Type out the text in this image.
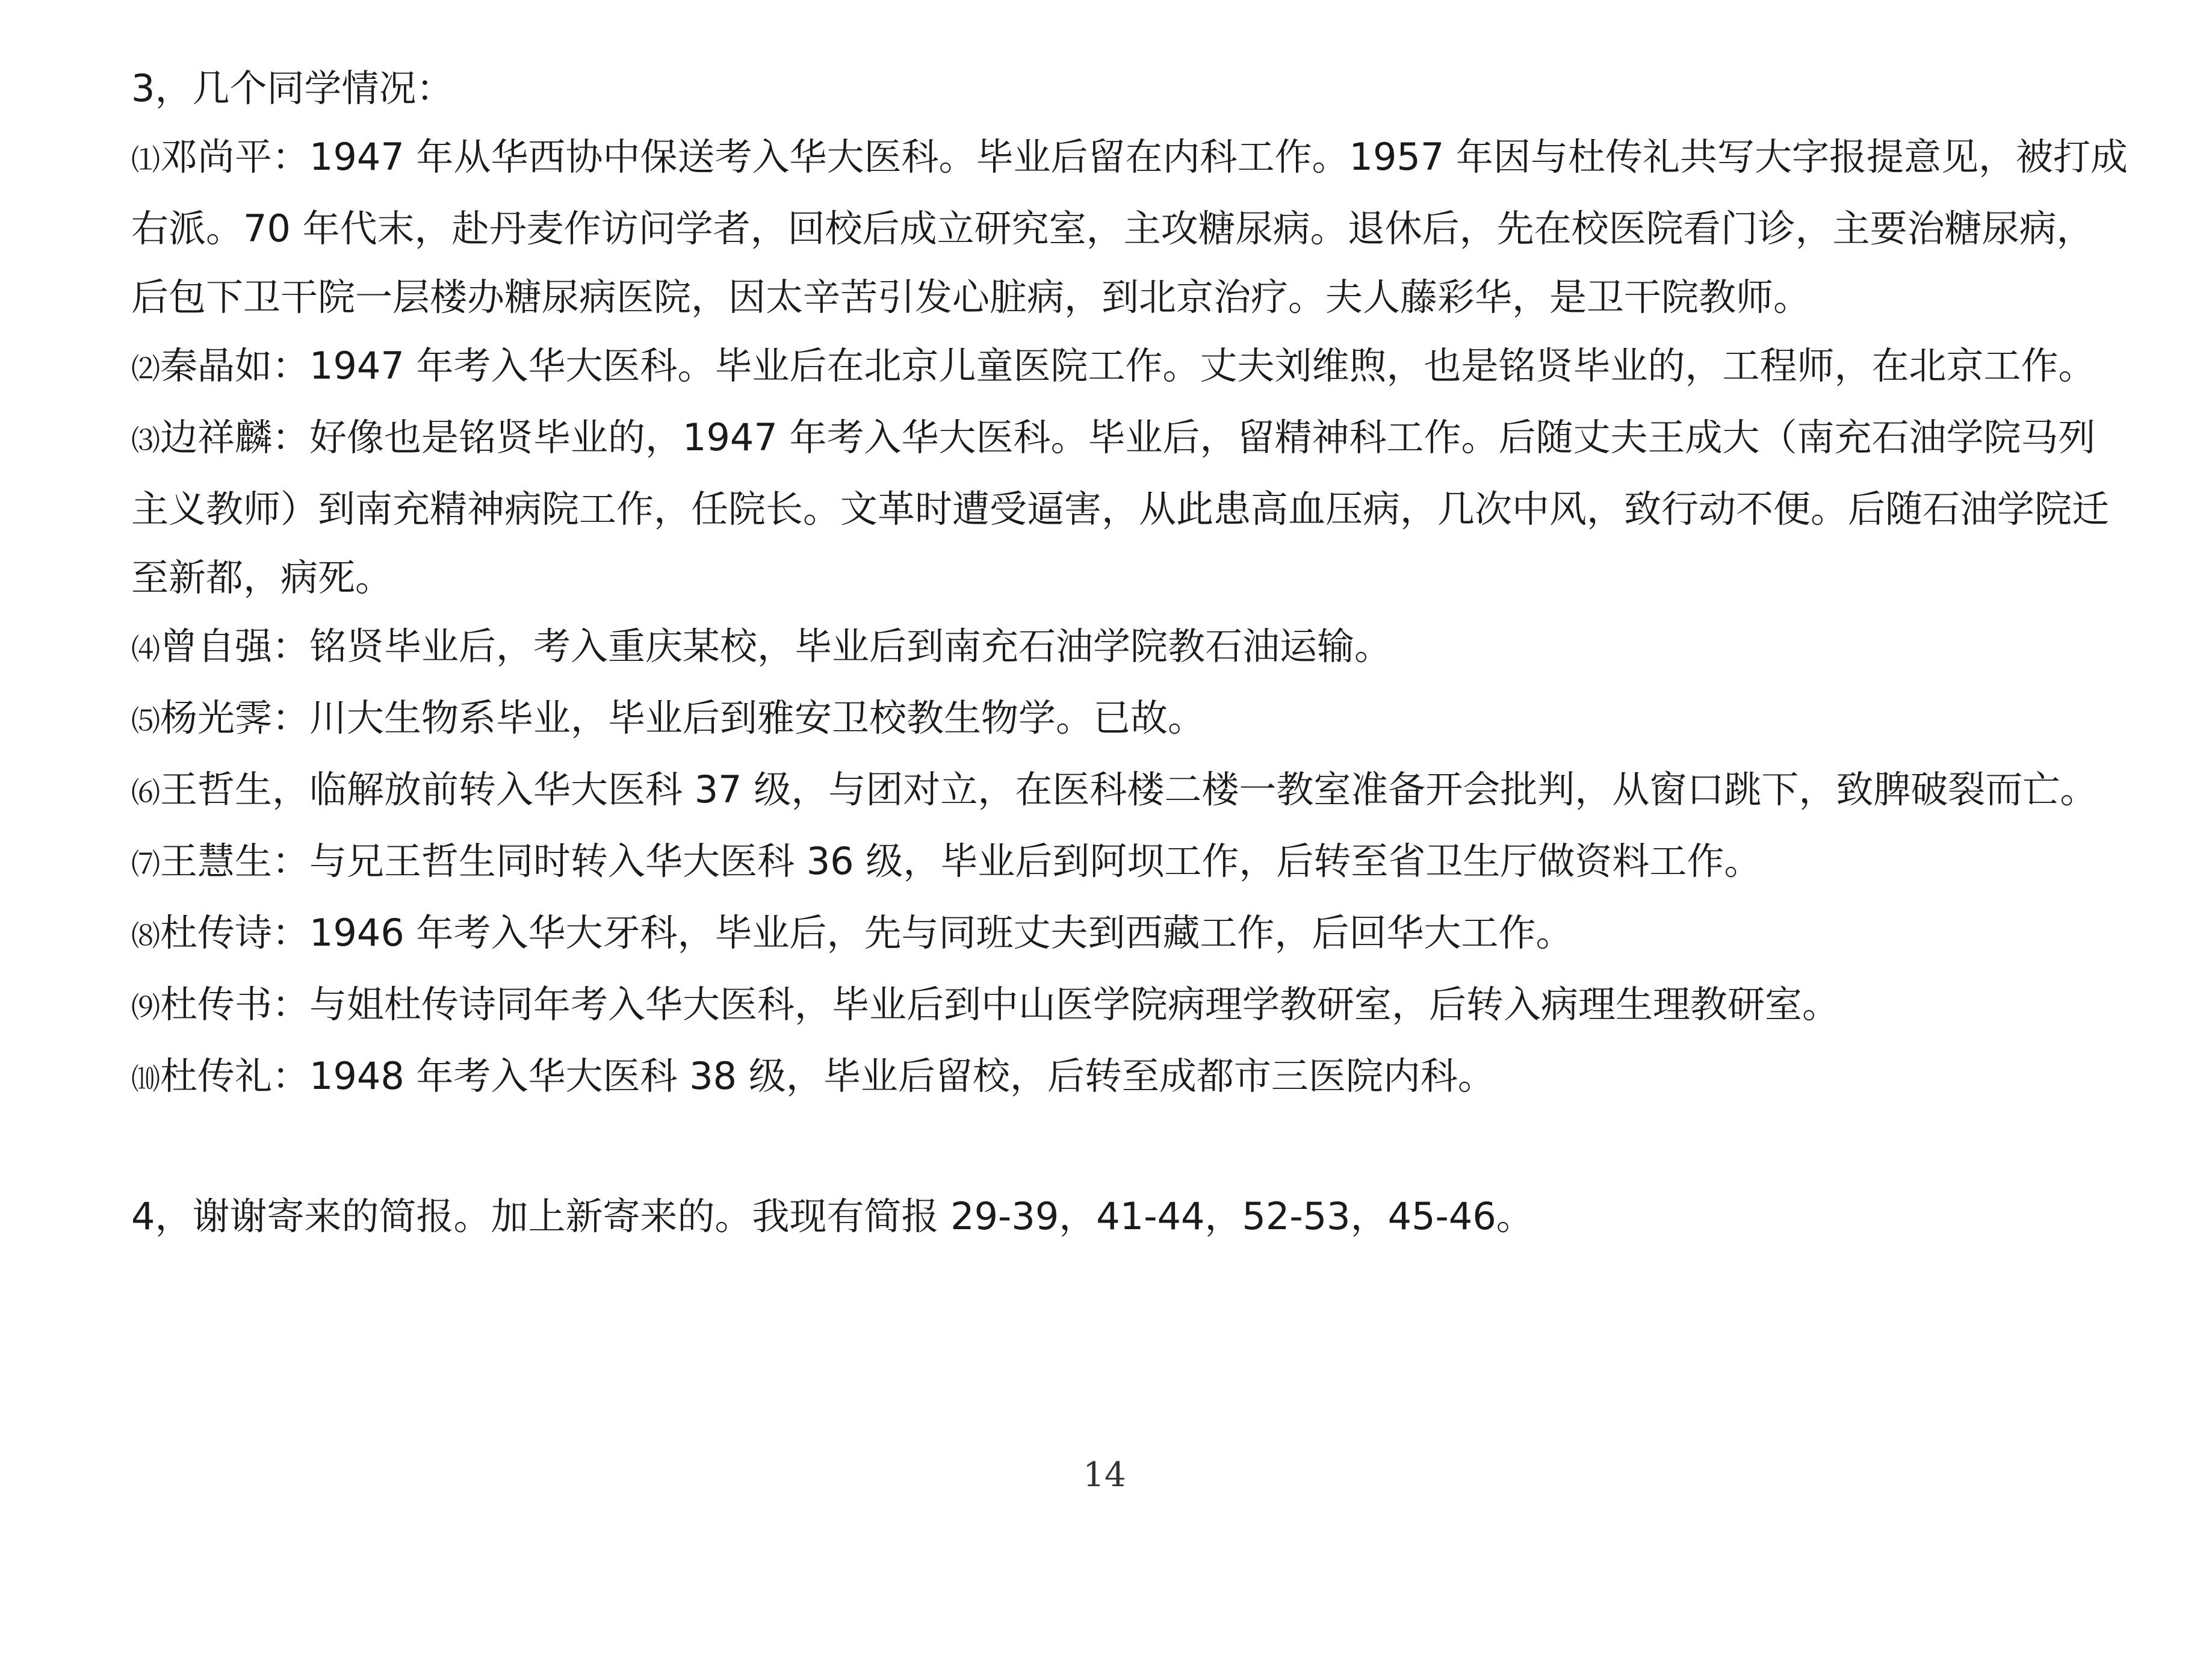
3，几个同学情况：

⑴邓尚平：1947 年从华西协中保送考入华大医科。毕业后留在内科工作。1957 年因与杜传礼共写大字报提意见，被打成右派。70 年代末，赴丹麦作访问学者，回校后成立研究室，主攻糖尿病。退休后，先在校医院看门诊，主要治糖尿病，后包下卫干院一层楼办糖尿病医院，因太辛苦引发心脏病，到北京治疗。夫人藤彩华，是卫干院教师。

⑵秦晶如：1947 年考入华大医科。毕业后在北京儿童医院工作。丈夫刘维煦，也是铭贤毕业的，工程师，在北京工作。

⑶边祥麟：好像也是铭贤毕业的，1947 年考入华大医科。毕业后，留精神科工作。后随丈夫王成大（南充石油学院马列主义教师）到南充精神病院工作，任院长。文革时遭受逼害，从此患高血压病，几次中风，致行动不便。后随石油学院迁至新都，病死。

⑷曾自强：铭贤毕业后，考入重庆某校，毕业后到南充石油学院教石油运输。

⑸杨光霁：川大生物系毕业，毕业后到雅安卫校教生物学。已故。

⑹王哲生，临解放前转入华大医科 37 级，与团对立，在医科楼二楼一教室准备开会批判，从窗口跳下，致脾破裂而亡。

⑺王慧生：与兄王哲生同时转入华大医科 36 级，毕业后到阿坝工作，后转至省卫生厅做资料工作。

⑻杜传诗：1946 年考入华大牙科，毕业后，先与同班丈夫到西藏工作，后回华大工作。

⑼杜传书：与姐杜传诗同年考入华大医科，毕业后到中山医学院病理学教研室，后转入病理生理教研室。

⑽杜传礼：1948 年考入华大医科 38 级，毕业后留校，后转至成都市三医院内科。

4，谢谢寄来的简报。加上新寄来的。我现有简报 29-39，41-44，52-53，45-46。

14
